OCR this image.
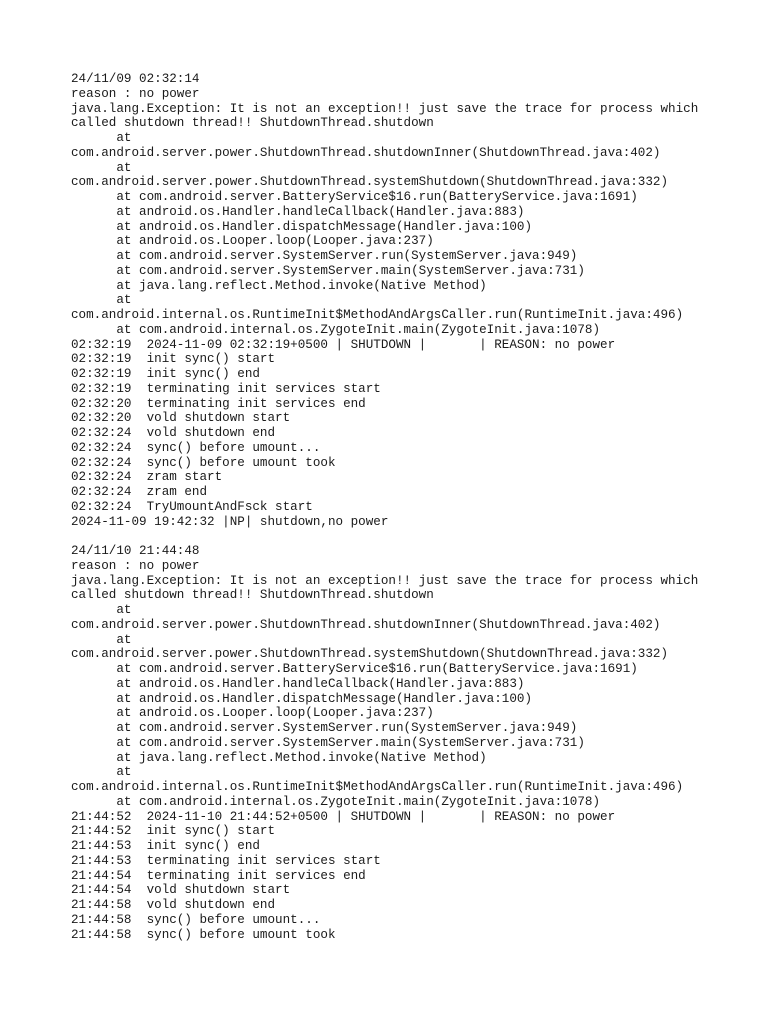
24/11/09 02:32:14
reason : no power
java.lang.Exception: It is not an exception!! just save the trace for process which
called shutdown thread!! ShutdownThread.shutdown
at
com.android.server.power.ShutdownThread.shutdownInner(ShutdownThread.java:402)
at
com.android.server.power.ShutdownThread.systemShutdown(ShutdownThread.java:332)
at com.android.server.BatteryService$16.run(BatteryService.java:1691)
at android.os.Handler.handleCallback(Handler.java:883)
at android.os.Handler.dispatchMessage(Handler.java:100)
at android.os.Looper.loop(Looper.java:237)
at com.android.server.SystemServer.run(SystemServer.java:949)
at com.android.server.SystemServer.main(SystemServer.java:731)
at java.lang.reflect.Method.invoke(Native Method)
at
com.android.internal.os.RuntimeInit$MethodAndArgsCaller.run(RuntimeInit.java:496)
at com.android.internal.os.ZygoteInit.main(ZygoteInit.java:1078)
02:32:19  2024-11-09 02:32:19+0500 | SHUTDOWN |       | REASON: no power
02:32:19  init sync() start
02:32:19  init sync() end
02:32:19  terminating init services start
02:32:20  terminating init services end
02:32:20  vold shutdown start
02:32:24  vold shutdown end
02:32:24  sync() before umount...
02:32:24  sync() before umount took
02:32:24  zram start
02:32:24  zram end
02:32:24  TryUmountAndFsck start
2024-11-09 19:42:32 |NP| shutdown,no power
24/11/10 21:44:48
reason : no power
java.lang.Exception: It is not an exception!! just save the trace for process which
called shutdown thread!! ShutdownThread.shutdown
at
com.android.server.power.ShutdownThread.shutdownInner(ShutdownThread.java:402)
at
com.android.server.power.ShutdownThread.systemShutdown(ShutdownThread.java:332)
at com.android.server.BatteryService$16.run(BatteryService.java:1691)
at android.os.Handler.handleCallback(Handler.java:883)
at android.os.Handler.dispatchMessage(Handler.java:100)
at android.os.Looper.loop(Looper.java:237)
at com.android.server.SystemServer.run(SystemServer.java:949)
at com.android.server.SystemServer.main(SystemServer.java:731)
at java.lang.reflect.Method.invoke(Native Method)
at
com.android.internal.os.RuntimeInit$MethodAndArgsCaller.run(RuntimeInit.java:496)
at com.android.internal.os.ZygoteInit.main(ZygoteInit.java:1078)
21:44:52  2024-11-10 21:44:52+0500 | SHUTDOWN |       | REASON: no power
21:44:52  init sync() start
21:44:53  init sync() end
21:44:53  terminating init services start
21:44:54  terminating init services end
21:44:54  vold shutdown start
21:44:58  vold shutdown end
21:44:58  sync() before umount...
21:44:58  sync() before umount took
